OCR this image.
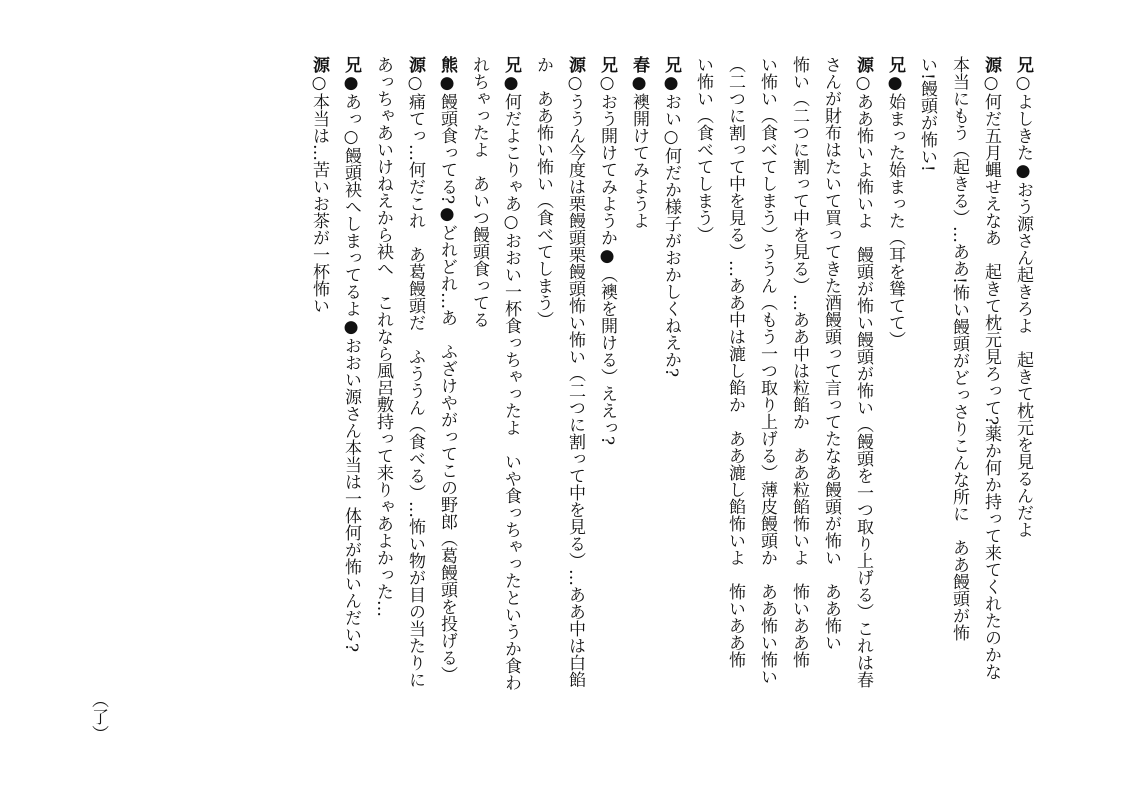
兄○よしきた●おう源さん起きろよ　起きて枕元を見るんだよ
源○何だ五月蝿せえなあ　起きて枕元見ろって?薬か何か持って来てくれたのかな
本当にもう（起きる）…ああ!怖い饅頭がどっさりこんな所に　ああ饅頭が怖
い!饅頭が怖い!
兄●始まった始まった（耳を聳てて）
源○ああ怖いよ怖いよ　饅頭が怖い饅頭が怖い（饅頭を一つ取り上げる）これは春
さんが財布はたいて買ってきた酒饅頭って言ってたなあ饅頭が怖い　ああ怖い
怖い（二つに割って中を見る）…ああ中は粒餡か　ああ粒餡怖いよ　怖いああ怖
い怖い（食べてしまう）ううん（もう一つ取り上げる）薄皮饅頭か　ああ怖い怖い
（二つに割って中を見る）…ああ中は漉し餡か　ああ漉し餡怖いよ　怖いああ怖
い怖い（食べてしまう）
兄●おい○何だか様子がおかしくねえか?
春●襖開けてみようよ
兄○おう開けてみようか●（襖を開ける）ええっ?
源○ううん今度は栗饅頭栗饅頭怖い怖い（二つに割って中を見る）…ああ中は白餡
か　ああ怖い怖い（食べてしまう）
兄●何だよこりゃあ○おおい一杯食っちゃったよ　いや食っちゃったというか食わ
れちゃったよ　あいつ饅頭食ってる
熊●饅頭食ってる?●どれどれ…あ　ふざけやがってこの野郎（葛饅頭を投げる）
源○痛てっ…何だこれ　あ葛饅頭だ　ふううん（食べる）…怖い物が目の当たりに
あっちゃあいけねえから袂へ　これなら風呂敷持って来りゃあよかった…
兄●あっ○饅頭袂へしまってるよ●おおい源さん本当は一体何が怖いんだい?
源○本当は…苦いお茶が一杯怖い
（了）
